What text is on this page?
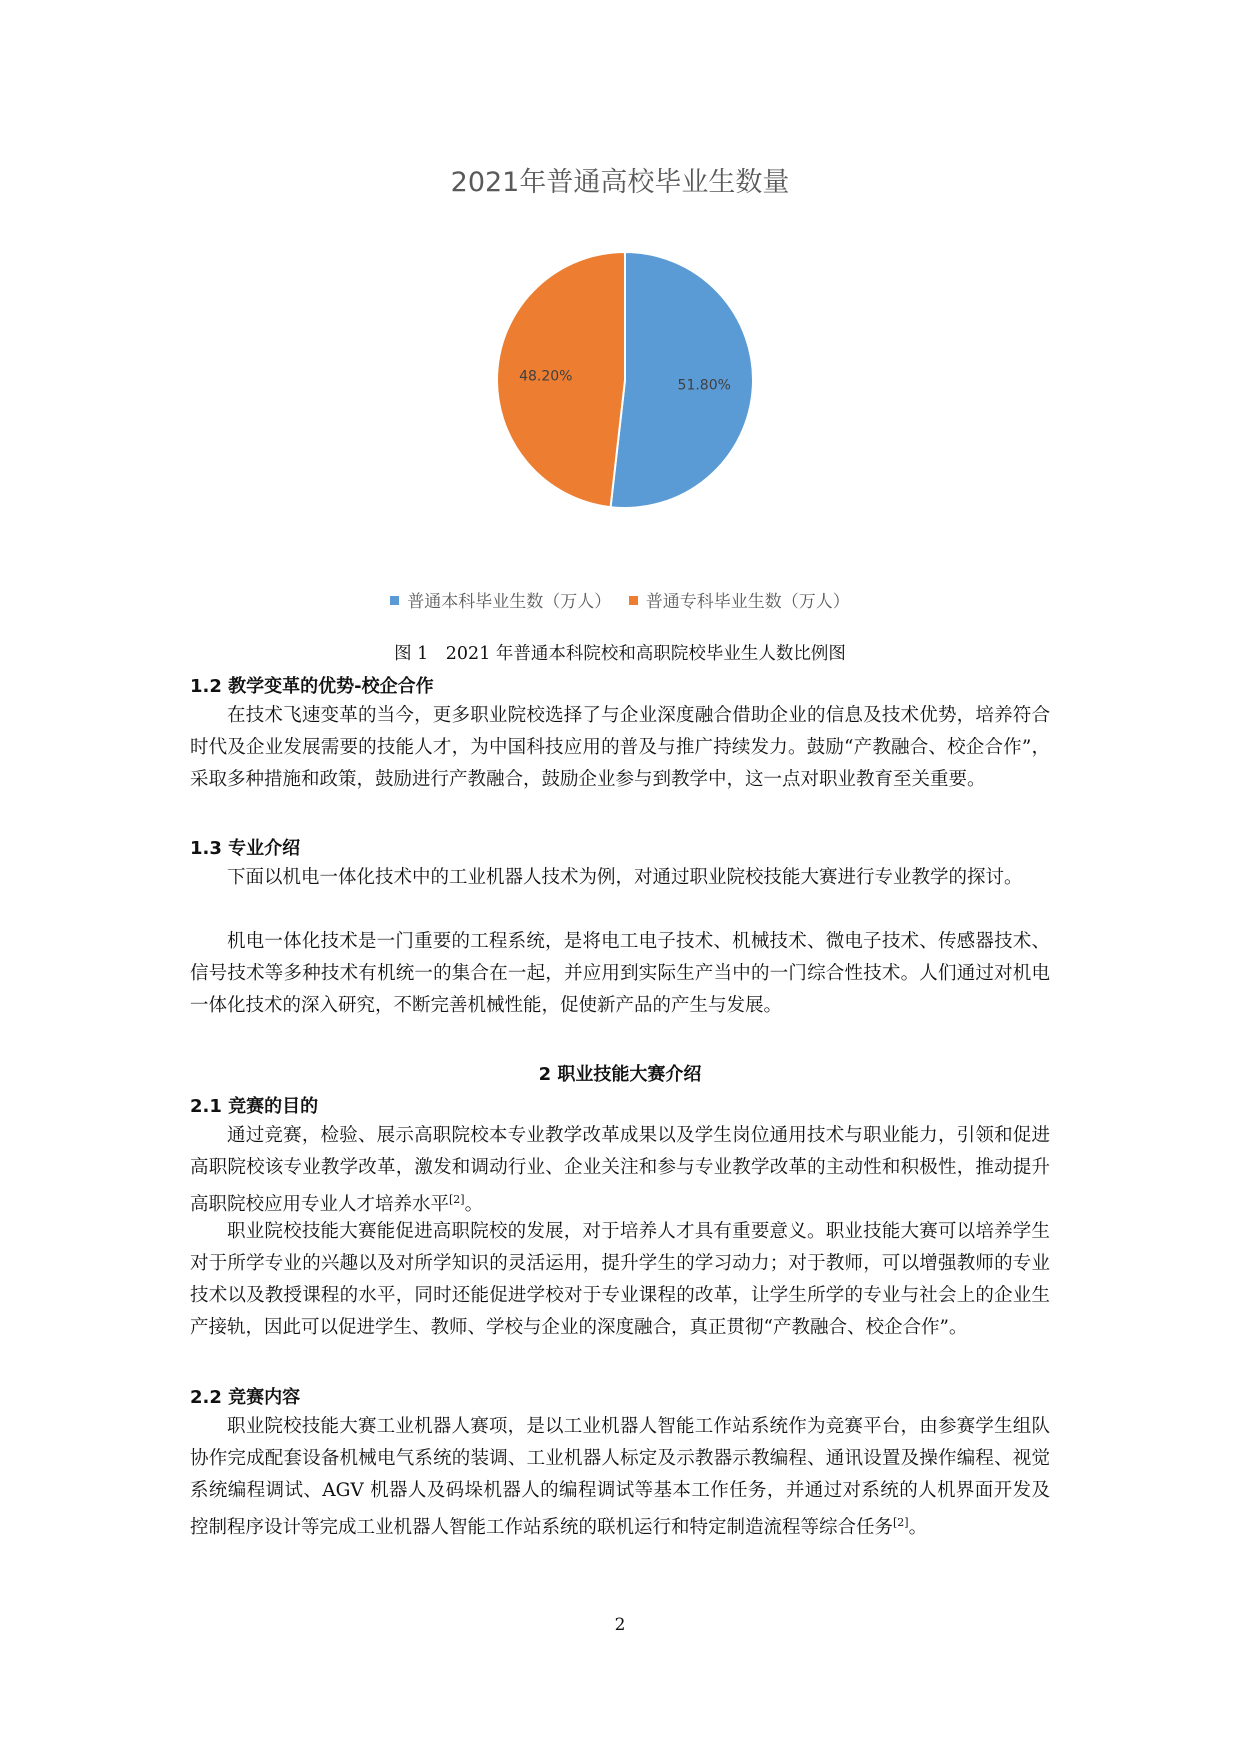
2021年普通高校毕业生数量
51.80%
48.20%
普通本科毕业生数（万人） 普通专科毕业生数（万人）
图 1　2021 年普通本科院校和高职院校毕业生人数比例图
1.2 教学变革的优势-校企合作
在技术飞速变革的当今，更多职业院校选择了与企业深度融合借助企业的信息及技术优势，培养符合时代及企业发展需要的技能人才，为中国科技应用的普及与推广持续发力。鼓励“产教融合、校企合作”，采取多种措施和政策，鼓励进行产教融合，鼓励企业参与到教学中，这一点对职业教育至关重要。
1.3 专业介绍
下面以机电一体化技术中的工业机器人技术为例，对通过职业院校技能大赛进行专业教学的探讨。
机电一体化技术是一门重要的工程系统，是将电工电子技术、机械技术、微电子技术、传感器技术、信号技术等多种技术有机统一的集合在一起，并应用到实际生产当中的一门综合性技术。人们通过对机电一体化技术的深入研究，不断完善机械性能，促使新产品的产生与发展。
2 职业技能大赛介绍
2.1 竞赛的目的
通过竞赛，检验、展示高职院校本专业教学改革成果以及学生岗位通用技术与职业能力，引领和促进高职院校该专业教学改革，激发和调动行业、企业关注和参与专业教学改革的主动性和积极性，推动提升高职院校应用专业人才培养水平[2]。
职业院校技能大赛能促进高职院校的发展，对于培养人才具有重要意义。职业技能大赛可以培养学生对于所学专业的兴趣以及对所学知识的灵活运用，提升学生的学习动力；对于教师，可以增强教师的专业技术以及教授课程的水平，同时还能促进学校对于专业课程的改革，让学生所学的专业与社会上的企业生产接轨，因此可以促进学生、教师、学校与企业的深度融合，真正贯彻“产教融合、校企合作”。
2.2 竞赛内容
职业院校技能大赛工业机器人赛项，是以工业机器人智能工作站系统作为竞赛平台，由参赛学生组队协作完成配套设备机械电气系统的装调、工业机器人标定及示教器示教编程、通讯设置及操作编程、视觉系统编程调试、AGV 机器人及码垛机器人的编程调试等基本工作任务，并通过对系统的人机界面开发及控制程序设计等完成工业机器人智能工作站系统的联机运行和特定制造流程等综合任务[2]。
2
